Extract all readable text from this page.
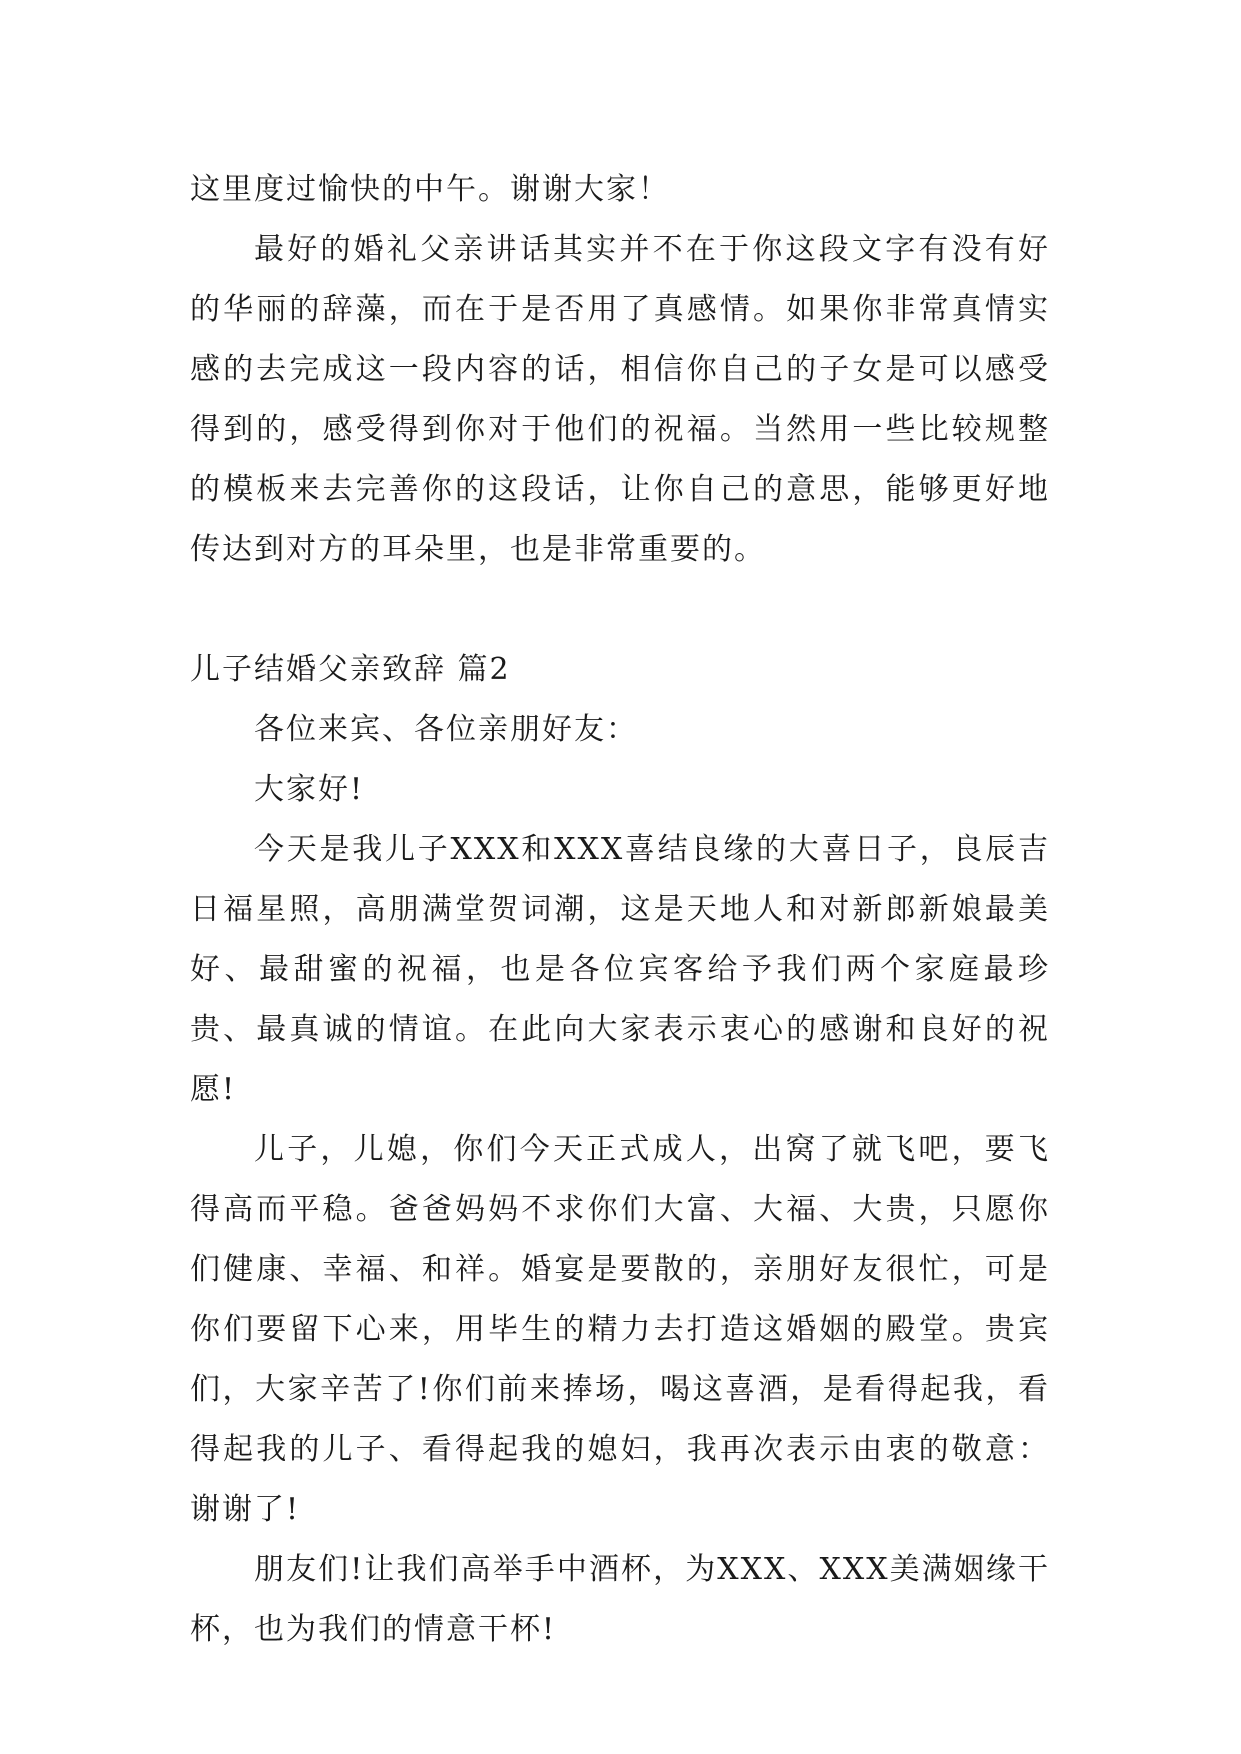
这里度过愉快的中午。谢谢大家！

最好的婚礼父亲讲话其实并不在于你这段文字有没有好的华丽的辞藻，而在于是否用了真感情。如果你非常真情实感的去完成这一段内容的话，相信你自己的子女是可以感受得到的，感受得到你对于他们的祝福。当然用一些比较规整的模板来去完善你的这段话，让你自己的意思，能够更好地传达到对方的耳朵里，也是非常重要的。

儿子结婚父亲致辞 篇2

各位来宾、各位亲朋好友：

大家好!

今天是我儿子XXX和XXX喜结良缘的大喜日子，良辰吉日福星照，高朋满堂贺词潮，这是天地人和对新郎新娘最美好、最甜蜜的祝福，也是各位宾客给予我们两个家庭最珍贵、最真诚的情谊。在此向大家表示衷心的感谢和良好的祝愿!

儿子，儿媳，你们今天正式成人，出窝了就飞吧，要飞得高而平稳。爸爸妈妈不求你们大富、大福、大贵，只愿你们健康、幸福、和祥。婚宴是要散的，亲朋好友很忙，可是你们要留下心来，用毕生的精力去打造这婚姻的殿堂。贵宾们，大家辛苦了!你们前来捧场，喝这喜酒，是看得起我，看得起我的儿子、看得起我的媳妇，我再次表示由衷的敬意：谢谢了!

朋友们!让我们高举手中酒杯，为XXX、XXX美满姻缘干杯，也为我们的情意干杯!
